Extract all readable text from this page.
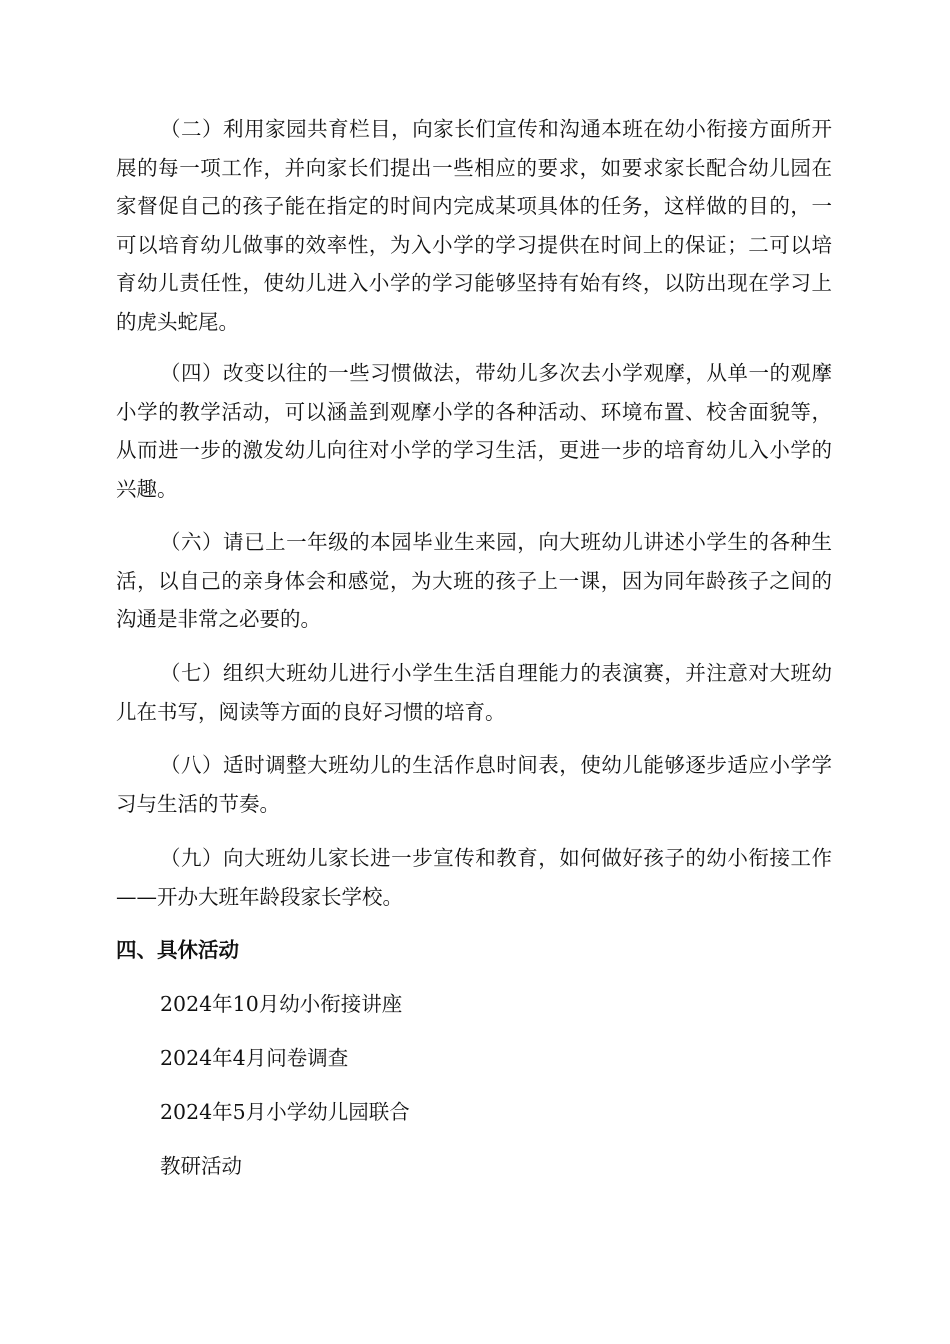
（二）利用家园共育栏目，向家长们宣传和沟通本班在幼小衔接方面所开展的每一项工作，并向家长们提出一些相应的要求，如要求家长配合幼儿园在家督促自己的孩子能在指定的时间内完成某项具体的任务，这样做的目的，一可以培育幼儿做事的效率性，为入小学的学习提供在时间上的保证；二可以培育幼儿责任性，使幼儿进入小学的学习能够坚持有始有终，以防出现在学习上的虎头蛇尾。

（四）改变以往的一些习惯做法，带幼儿多次去小学观摩，从单一的观摩小学的教学活动，可以涵盖到观摩小学的各种活动、环境布置、校舍面貌等，从而进一步的激发幼儿向往对小学的学习生活，更进一步的培育幼儿入小学的兴趣。

（六）请已上一年级的本园毕业生来园，向大班幼儿讲述小学生的各种生活，以自己的亲身体会和感觉，为大班的孩子上一课，因为同年龄孩子之间的沟通是非常之必要的。

（七）组织大班幼儿进行小学生生活自理能力的表演赛，并注意对大班幼儿在书写，阅读等方面的良好习惯的培育。

（八）适时调整大班幼儿的生活作息时间表，使幼儿能够逐步适应小学学习与生活的节奏。

（九）向大班幼儿家长进一步宣传和教育，如何做好孩子的幼小衔接工作——开办大班年龄段家长学校。

四、具休活动

2024年10月幼小衔接讲座

2024年4月问卷调查

2024年5月小学幼儿园联合

教研活动
